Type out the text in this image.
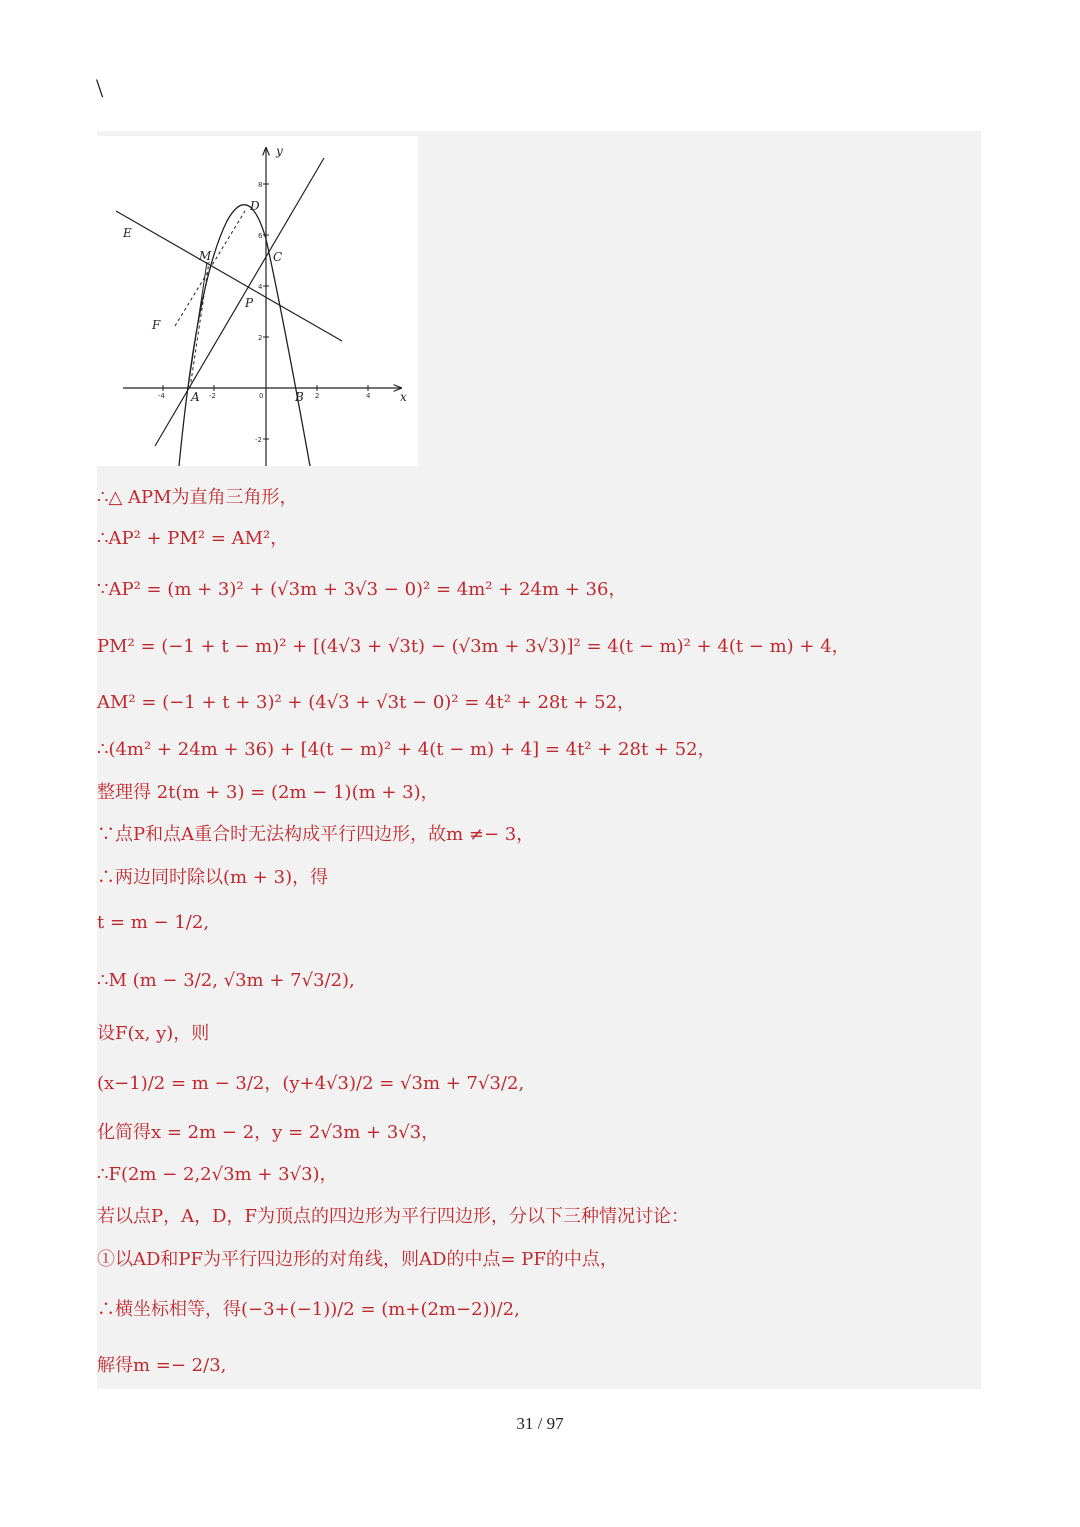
\
x
y
E
D
M	C
P
F
A	B
-4	-2	0	2	4
8
6
4
2
-2
∴△ APM为直角三角形，
∴AP² + PM² = AM²，
∵AP² = (m + 3)² + (√3m + 3√3 − 0)² = 4m² + 24m + 36，
PM² = (−1 + t − m)² + [(4√3 + √3t) − (√3m + 3√3)]² = 4(t − m)² + 4(t − m) + 4，
AM² = (−1 + t + 3)² + (4√3 + √3t − 0)² = 4t² + 28t + 52，
∴(4m² + 24m + 36) + [4(t − m)² + 4(t − m) + 4] = 4t² + 28t + 52，
整理得 2t(m + 3) = (2m − 1)(m + 3)，
∵点P和点A重合时无法构成平行四边形，故m ≠− 3，
∴两边同时除以(m + 3)，得
t = m − 1/2,
∴M (m − 3/2, √3m + 7√3/2),
设F(x, y)，则
(x−1)/2 = m − 3/2，(y+4√3)/2 = √3m + 7√3/2,
化简得x = 2m − 2，y = 2√3m + 3√3，
∴F(2m − 2,2√3m + 3√3)，
若以点P，A，D，F为顶点的四边形为平行四边形，分以下三种情况讨论：
①以AD和PF为平行四边形的对角线，则AD的中点= PF的中点，
∴横坐标相等，得(−3+(−1))/2 = (m+(2m−2))/2,
解得m =− 2/3,
31 / 97
